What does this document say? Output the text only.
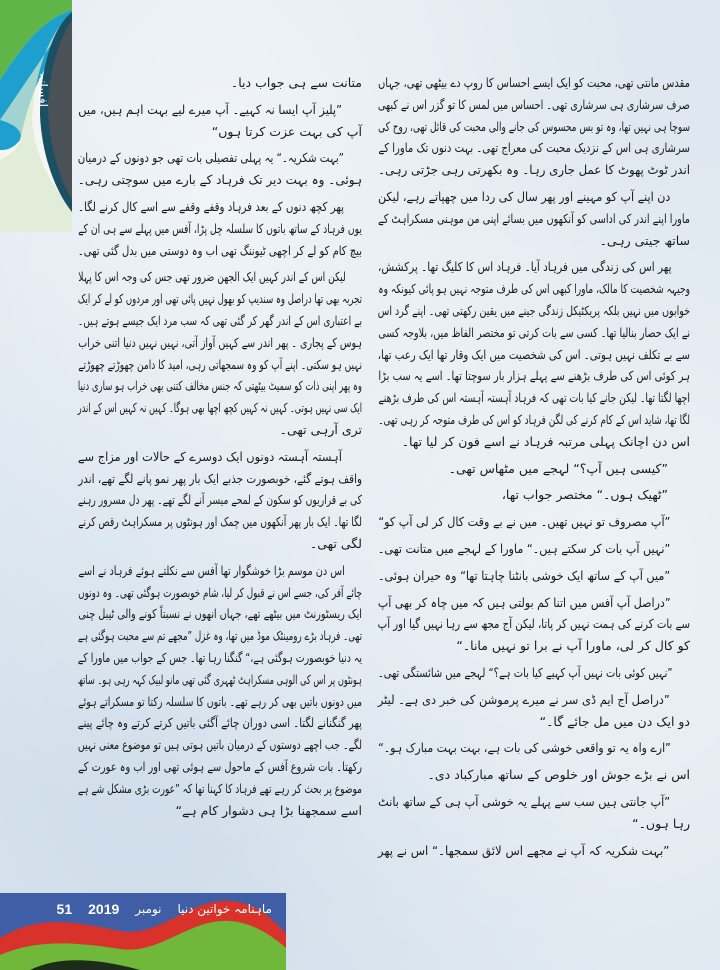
افسانہ	مقدس مانتی تھی، محبت کو ایک ایسے احساس کا روپ دے بیٹھی تھی، جہاں
صرف سرشاری ہی سرشاری تھی۔ احساس میں لمس کا تو گزر اس نے کبھی
سوچا ہی نہیں تھا، وہ تو بس محسوس کی جانے والی محبت کی قائل تھی، روح کی
سرشاری ہی اس کے نزدیک محبت کی معراج تھی۔ بہت دنوں تک ماورا کے
اندر ٹوٹ پھوٹ کا عمل جاری رہا۔ وہ بکھرتی رہی جڑتی رہی۔
دن اپنے آپ کو مہینے اور پھر سال کی ردا میں چھپاتے رہے، لیکن
ماورا اپنے اندر کی اداسی کو آنکھوں میں بسائے اپنی من موہنی مسکراہٹ کے
ساتھ جیتی رہی۔
پھر اس کی زندگی میں فرہاد آیا۔ فرہاد اس کا کلیگ تھا۔ پرکشش،
وجیہہ شخصیت کا مالک، ماورا کبھی اس کی طرف متوجہ نہیں ہو پائی کیونکہ وہ
خوابوں میں نہیں بلکہ پریکٹیکل زندگی جینے میں یقین رکھتی تھی۔ اپنے گرد اس
نے ایک حصار بنالیا تھا۔ کسی سے بات کرتی تو مختصر الفاظ میں، بلاوجہ کسی
سے بے تکلف نہیں ہوتی۔ اس کی شخصیت میں ایک وقار تھا ایک رعب تھا،
ہر کوئی اس کی طرف بڑھنے سے پہلے ہزار بار سوچتا تھا۔ اسے یہ سب بڑا
اچھا لگتا تھا۔ لیکن جانے کیا بات تھی کہ فرہاد آہستہ آہستہ اس کی طرف بڑھنے
لگا تھا، شاید اس کے کام کرنے کی لگن فرہاد کو اس کی طرف متوجہ کر رہی تھی۔
اس دن اچانک پہلی مرتبہ فرہاد نے اسے فون کر لیا تھا۔
”کیسی ہیں آپ؟“ لہجے میں مٹھاس تھی۔
”ٹھیک ہوں۔“ مختصر جواب تھا،
”آپ مصروف تو نہیں تھیں۔ میں نے بے وقت کال کر لی آپ کو“
”نہیں آپ بات کر سکتے ہیں۔“ ماورا کے لہجے میں متانت تھی۔
”میں آپ کے ساتھ ایک خوشی بانٹنا چاہتا تھا“ وہ حیران ہوئی۔
”دراصل آپ آفس میں اتنا کم بولتی ہیں کہ میں چاہ کر بھی آپ
سے بات کرنے کی ہمت نہیں کر پاتا، لیکن آج مجھ سے رہا نہیں گیا اور آپ
کو کال کر لی، ماورا آپ نے برا تو نہیں مانا۔“
”نہیں کوئی بات نہیں آپ کہیے کیا بات ہے؟“ لہجے میں شائستگی تھی۔
”دراصل آج ایم ڈی سر نے میرے پرموشن کی خبر دی ہے۔ لیٹر
دو ایک دن میں مل جائے گا۔“
”ارے واہ یہ تو واقعی خوشی کی بات ہے، بہت بہت مبارک ہو۔“
اس نے بڑے جوش اور خلوص کے ساتھ مبارکباد دی۔
”آپ جانتی ہیں سب سے پہلے یہ خوشی آپ ہی کے ساتھ بانٹ
رہا ہوں۔“
”بہت شکریہ کہ آپ نے مجھے اس لائق سمجھا۔“ اس نے پھر
متانت سے ہی جواب دیا۔
”پلیز آپ ایسا نہ کہیے۔ آپ میرے لیے بہت اہم ہیں، میں
آپ کی بہت عزت کرتا ہوں“
”بہت شکریہ۔“ یہ پہلی تفصیلی بات تھی جو دونوں کے درمیان
ہوئی۔ وہ بہت دیر تک فرہاد کے بارے میں سوچتی رہی۔
پھر کچھ دنوں کے بعد فرہاد وقفے وقفے سے اسے کال کرنے لگا۔
یوں فرہاد کے ساتھ باتوں کا سلسلہ چل پڑا، آفس میں پہلے سے ہی ان کے
بیچ کام کو لے کر اچھی ٹیوننگ تھی اب وہ دوستی میں بدل گئی تھی۔
لیکن اس کے اندر کہیں ایک الجھن ضرور تھی جس کی وجہ اس کا پہلا
تجربہ بھی تھا دراصل وہ سندیپ کو بھول نہیں پائی تھی اور مردوں کو لے کر ایک
بے اعتباری اس کے اندر گھر کر گئی تھی کہ سب مرد ایک جیسے ہوتے ہیں۔
ہوس کے پجاری ۔ پھر اندر سے کہیں آواز آتی، نہیں نہیں دنیا اتنی خراب
نہیں ہو سکتی۔ اپنے آپ کو وہ سمجھاتی رہی، امید کا دامن چھوڑتے چھوڑتے
وہ پھر اپنی ذات کو سمیٹ بیٹھتی کہ جنس مخالف کتنی بھی خراب ہو ساری دنیا
ایک سی نہیں ہوتی۔ کہیں نہ کہیں کچھ اچھا بھی ہوگا۔ کہیں نہ کہیں اس کے اندر
تری آرہی تھی۔
آہستہ آہستہ دونوں ایک دوسرے کے حالات اور مزاج سے
واقف ہوتے گئے، خوبصورت جذبے ایک بار پھر نمو پانے لگے تھے، اندر
کی بے قراریوں کو سکون کے لمحے میسر آنے لگے تھے۔ پھر دل مسرور رہنے
لگا تھا۔ ایک بار پھر آنکھوں میں چمک اور ہونٹوں پر مسکراہٹ رقص کرنے
لگی تھی۔
اس دن موسم بڑا خوشگوار تھا آفس سے نکلتے ہوئے فرہاد نے اسے
چائے آفر کی، جسے اس نے قبول کر لیا، شام خوبصورت ہوگئی تھی۔ وہ دونوں
ایک ریسٹورنٹ میں بیٹھے تھے، جہاں انھوں نے نسبتاً کونے والی ٹیبل چنی
تھی۔ فرہاد بڑے رومینٹک موڈ میں تھا، وہ غزل ”مجھے تم سے محبت ہوگئی ہے
یہ دنیا خوبصورت ہوگئی ہے،“ گنگنا رہا تھا۔ جس کے جواب میں ماورا کے
ہونٹوں پر اس کی الوہی مسکراہٹ ٹھہری گئی تھی مانو لبیک کہہ رہی ہو۔ ساتھ
میں دونوں باتیں بھی کر رہے تھے۔ باتوں کا سلسلہ رکتا تو مسکراتے ہوئے
پھر گنگنانے لگتا۔ اسی دوران چائے آگئی باتیں کرتے کرتے وہ چائے پینے
لگے۔ جب اچھے دوستوں کے درمیان باتیں ہوتی ہیں تو موضوع معنی نہیں
رکھتا۔ بات شروع آفس کے ماحول سے ہوئی تھی اور اب وہ عورت کے
موضوع پر بحث کر رہے تھے فرہاد کا کہنا تھا کہ ”عورت بڑی مشکل شے ہے
اسے سمجھنا بڑا ہی دشوار کام ہے“
ماہنامہ خواتین دنیا
نومبر
2019
51
